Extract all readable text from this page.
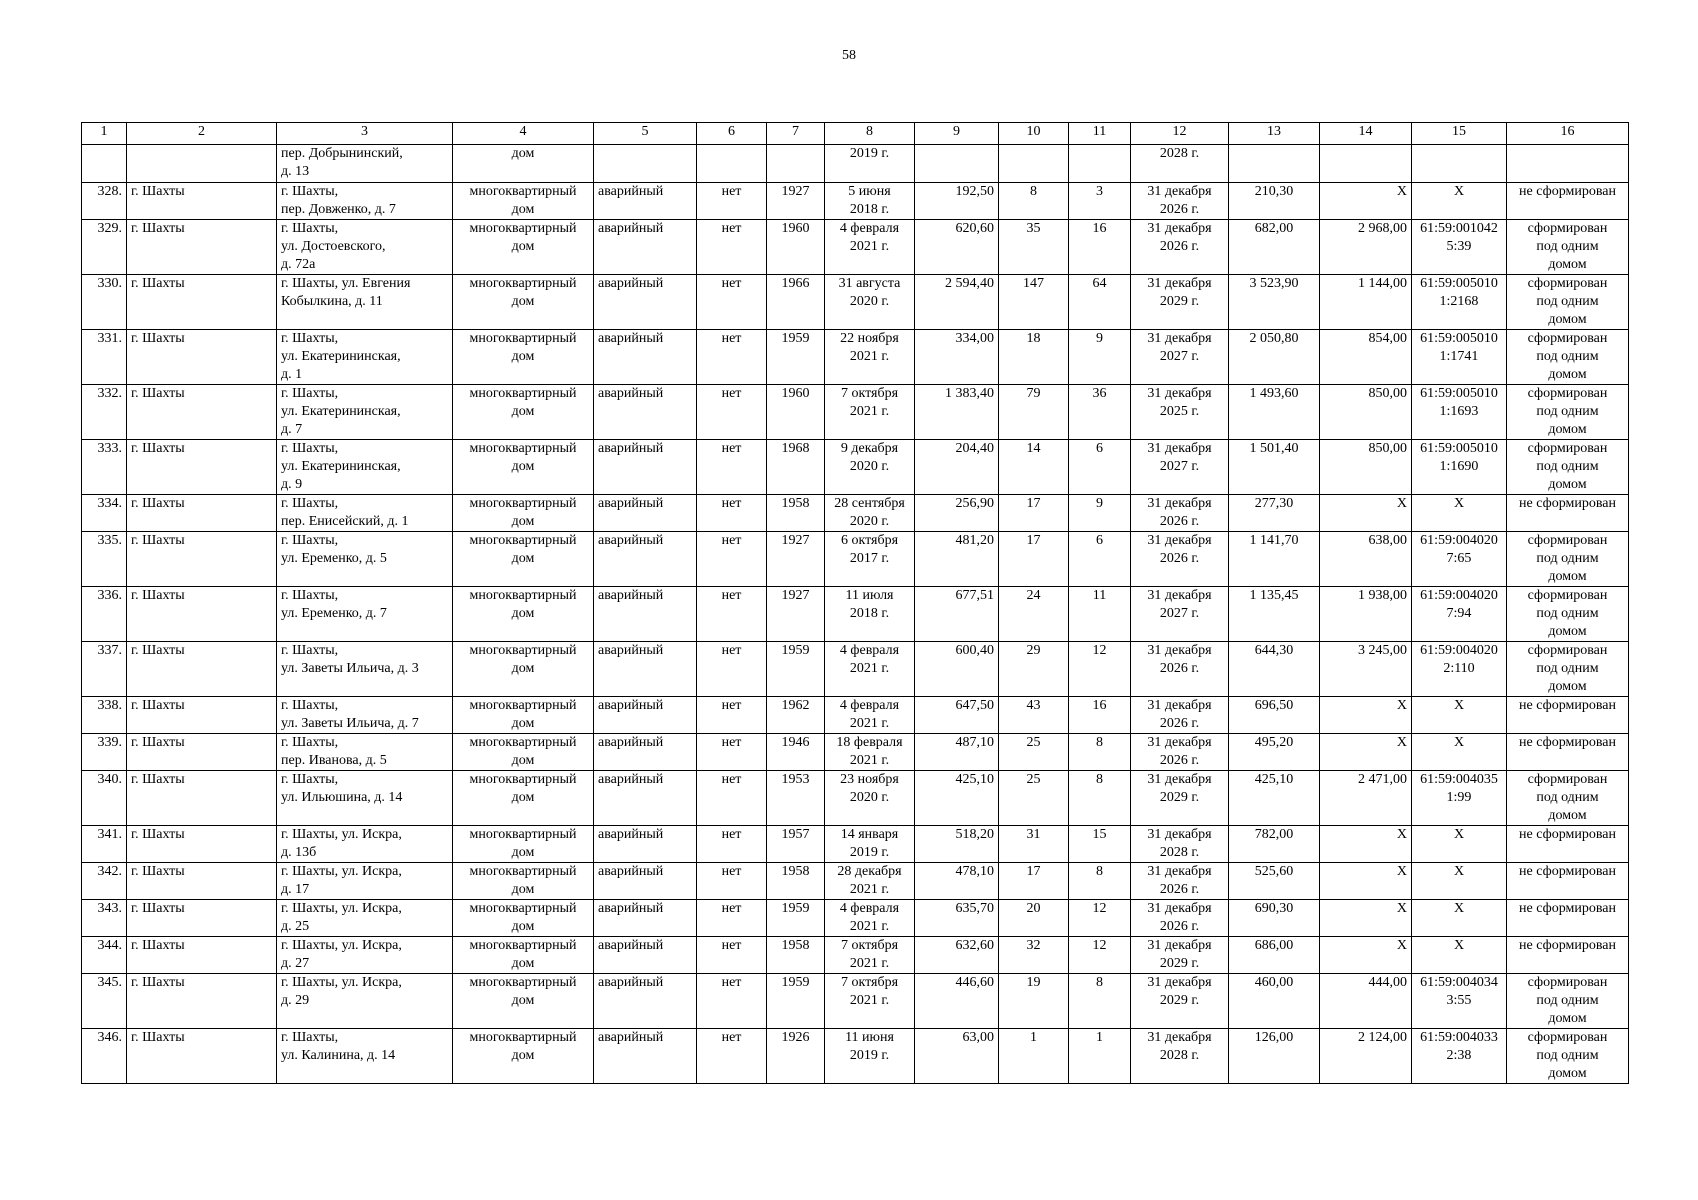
58
1	2	3	4	5	6	7	8	9	10	11	12	13	14	15	16
		пер. Добрынинский,
д. 13	дом				2019 г.				2028 г.				
328.	г. Шахты	г. Шахты,
пер. Довженко, д. 7	многоквартирный
дом	аварийный	нет	1927	5 июня
2018 г.	192,50	8	3	31 декабря
2026 г.	210,30	X	X	не сформирован
329.	г. Шахты	г. Шахты,
ул. Достоевского,
д. 72а	многоквартирный
дом	аварийный	нет	1960	4 февраля
2021 г.	620,60	35	16	31 декабря
2026 г.	682,00	2 968,00	61:59:001042
5:39	сформирован
под одним
домом
330.	г. Шахты	г. Шахты, ул. Евгения
Кобылкина, д. 11	многоквартирный
дом	аварийный	нет	1966	31 августа
2020 г.	2 594,40	147	64	31 декабря
2029 г.	3 523,90	1 144,00	61:59:005010
1:2168	сформирован
под одним
домом
331.	г. Шахты	г. Шахты,
ул. Екатерининская,
д. 1	многоквартирный
дом	аварийный	нет	1959	22 ноября
2021 г.	334,00	18	9	31 декабря
2027 г.	2 050,80	854,00	61:59:005010
1:1741	сформирован
под одним
домом
332.	г. Шахты	г. Шахты,
ул. Екатерининская,
д. 7	многоквартирный
дом	аварийный	нет	1960	7 октября
2021 г.	1 383,40	79	36	31 декабря
2025 г.	1 493,60	850,00	61:59:005010
1:1693	сформирован
под одним
домом
333.	г. Шахты	г. Шахты,
ул. Екатерининская,
д. 9	многоквартирный
дом	аварийный	нет	1968	9 декабря
2020 г.	204,40	14	6	31 декабря
2027 г.	1 501,40	850,00	61:59:005010
1:1690	сформирован
под одним
домом
334.	г. Шахты	г. Шахты,
пер. Енисейский, д. 1	многоквартирный
дом	аварийный	нет	1958	28 сентября
2020 г.	256,90	17	9	31 декабря
2026 г.	277,30	X	X	не сформирован
335.	г. Шахты	г. Шахты,
ул. Еременко, д. 5	многоквартирный
дом	аварийный	нет	1927	6 октября
2017 г.	481,20	17	6	31 декабря
2026 г.	1 141,70	638,00	61:59:004020
7:65	сформирован
под одним
домом
336.	г. Шахты	г. Шахты,
ул. Еременко, д. 7	многоквартирный
дом	аварийный	нет	1927	11 июля
2018 г.	677,51	24	11	31 декабря
2027 г.	1 135,45	1 938,00	61:59:004020
7:94	сформирован
под одним
домом
337.	г. Шахты	г. Шахты,
ул. Заветы Ильича, д. 3	многоквартирный
дом	аварийный	нет	1959	4 февраля
2021 г.	600,40	29	12	31 декабря
2026 г.	644,30	3 245,00	61:59:004020
2:110	сформирован
под одним
домом
338.	г. Шахты	г. Шахты,
ул. Заветы Ильича, д. 7	многоквартирный
дом	аварийный	нет	1962	4 февраля
2021 г.	647,50	43	16	31 декабря
2026 г.	696,50	X	X	не сформирован
339.	г. Шахты	г. Шахты,
пер. Иванова, д. 5	многоквартирный
дом	аварийный	нет	1946	18 февраля
2021 г.	487,10	25	8	31 декабря
2026 г.	495,20	X	X	не сформирован
340.	г. Шахты	г. Шахты,
ул. Ильюшина, д. 14	многоквартирный
дом	аварийный	нет	1953	23 ноября
2020 г.	425,10	25	8	31 декабря
2029 г.	425,10	2 471,00	61:59:004035
1:99	сформирован
под одним
домом
341.	г. Шахты	г. Шахты, ул. Искра,
д. 13б	многоквартирный
дом	аварийный	нет	1957	14 января
2019 г.	518,20	31	15	31 декабря
2028 г.	782,00	X	X	не сформирован
342.	г. Шахты	г. Шахты, ул. Искра,
д. 17	многоквартирный
дом	аварийный	нет	1958	28 декабря
2021 г.	478,10	17	8	31 декабря
2026 г.	525,60	X	X	не сформирован
343.	г. Шахты	г. Шахты, ул. Искра,
д. 25	многоквартирный
дом	аварийный	нет	1959	4 февраля
2021 г.	635,70	20	12	31 декабря
2026 г.	690,30	X	X	не сформирован
344.	г. Шахты	г. Шахты, ул. Искра,
д. 27	многоквартирный
дом	аварийный	нет	1958	7 октября
2021 г.	632,60	32	12	31 декабря
2029 г.	686,00	X	X	не сформирован
345.	г. Шахты	г. Шахты, ул. Искра,
д. 29	многоквартирный
дом	аварийный	нет	1959	7 октября
2021 г.	446,60	19	8	31 декабря
2029 г.	460,00	444,00	61:59:004034
3:55	сформирован
под одним
домом
346.	г. Шахты	г. Шахты,
ул. Калинина, д. 14	многоквартирный
дом	аварийный	нет	1926	11 июня
2019 г.	63,00	1	1	31 декабря
2028 г.	126,00	2 124,00	61:59:004033
2:38	сформирован
под одним
домом
